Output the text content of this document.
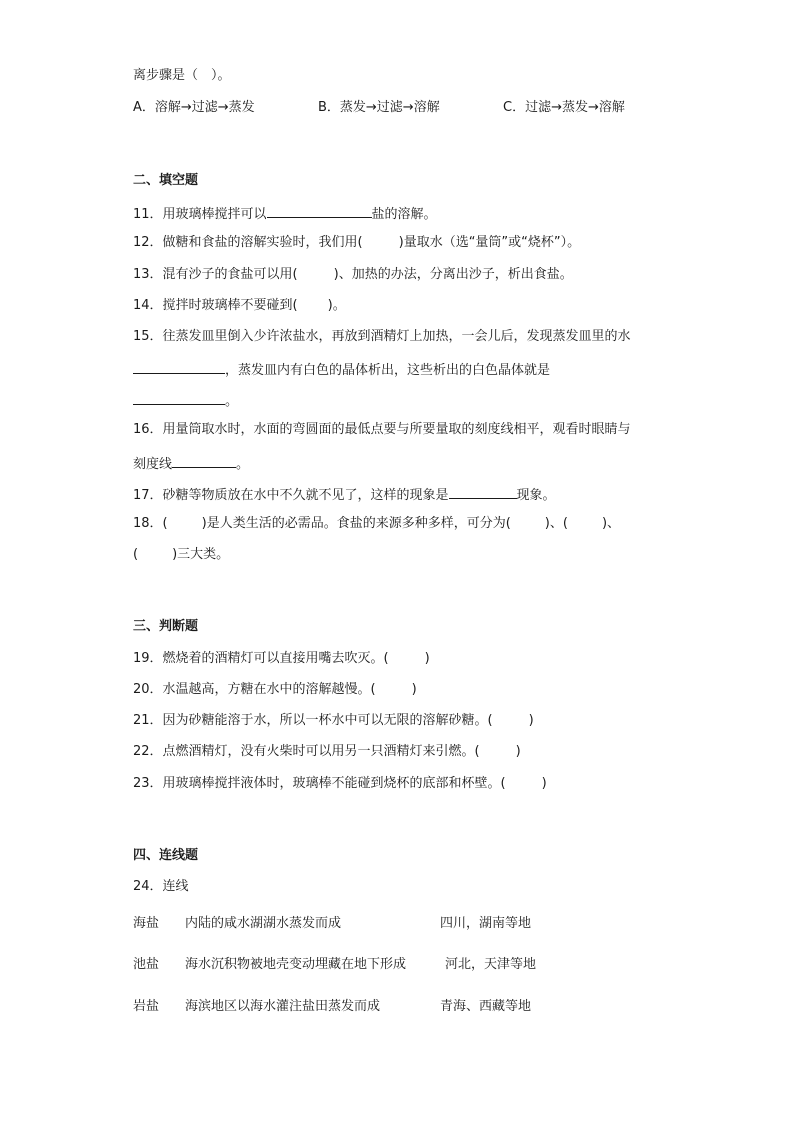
离步骤是（　）。
A．溶解→过滤→蒸发	B．蒸发→过滤→溶解	C．过滤→蒸发→溶解
二、填空题
11．用玻璃棒搅拌可以	盐的溶解。
12．做糖和食盐的溶解实验时，我们用(	)量取水（选“量筒”或“烧杯”）。
13．混有沙子的食盐可以用(	)、加热的办法，分离出沙子，析出食盐。
14．搅拌时玻璃棒不要碰到( )。
15．往蒸发皿里倒入少许浓盐水，再放到酒精灯上加热，一会儿后，发现蒸发皿里的水
，蒸发皿内有白色的晶体析出，这些析出的白色晶体就是
。
16．用量筒取水时，水面的弯圆面的最低点要与所要量取的刻度线相平，观看时眼睛与
刻度线	。
17．砂糖等物质放在水中不久就不见了，这样的现象是	现象。
18．(	)是人类生活的必需品。食盐的来源多种多样，可分为(	)、(	)、
(	)三大类。
三、判断题
19．燃烧着的酒精灯可以直接用嘴去吹灭。(	)
20．水温越高，方糖在水中的溶解越慢。(	)
21．因为砂糖能溶于水，所以一杯水中可以无限的溶解砂糖。(	)
22．点燃酒精灯，没有火柴时可以用另一只酒精灯来引燃。(	)
23．用玻璃棒搅拌液体时，玻璃棒不能碰到烧杯的底部和杯壁。(	)
四、连线题
24．连线
海盐 内陆的咸水湖湖水蒸发而成	四川，湖南等地
池盐 海水沉积物被地壳变动埋藏在地下形成	河北，天津等地
岩盐 海滨地区以海水灌注盐田蒸发而成	青海、西藏等地
